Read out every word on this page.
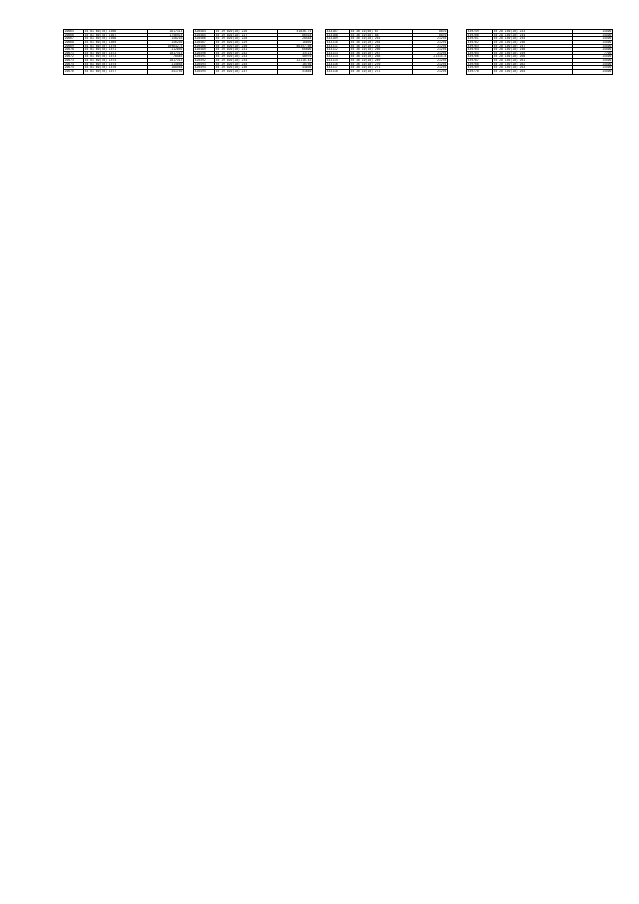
20665	55 01 60(70) 1566	1817313
20666	55 01 60(70) 1567	1756923
20667	55 01 60(70) 1568	158216
20668	55 01 60(70) 1569	156250
20669	55 01 60(70) 1570	169842.5
20670	55 01 60(70) 1571	112050
20671	55 01 60(70) 1572	1817313
20672	55 01 60(70) 1573	70485
20673	55 01 60(70) 1574	1817313
20674	55 01 60(70) 1575	114058
20675	55 01 60(70) 1576	188564
20676	55 01 60(70) 1577	341750
426484	55 19 020(10) 226	51036.75
426485	55 19 020(10) 227	86418
426486	55 19 020(10) 228	28448
426487	55 19 020(10) 229	16050
426488	55 19 020(10) 230	80357.66
426489	55 19 020(10) 231	66800
426490	55 19 020(10) 232	13723
426491	55 19 020(10) 233	40970
426492	55 19 020(10) 234	32116.43
426493	55 19 020(10) 235	16750
426494	55 19 020(10) 236	44036
426495	55 19 020(10) 237	51640
433107	55 36 10(40) 87	8870
433108	55 36 10(40) 88	8870
433109	55 36 10(10) 263	21294
433110	55 36 10(10) 264	21294
433111	55 36 10(10) 265	21294
433112	55 36 10(10) 266	21294
433113	55 36 10(10) 267	21294
433114	55 36 10(10) 268	21315.8
433115	55 36 10(10) 269	21294
433116	55 36 10(10) 270	21294
433117	55 36 10(10) 271	21294
433118	55 36 10(10) 272	21294
439759	55 28 150(10) 253	15400
439760	55 28 150(10) 254	15400
439761	55 28 150(10) 255	15400
439762	55 28 150(10) 256	15400
439763	55 28 150(10) 257	15400
439764	55 28 150(10) 258	15400
439765	55 28 150(10) 259	7700
439766	55 28 150(10) 260	15400
439767	55 28 150(10) 261	15400
439768	55 28 150(10) 262	15400
439769	55 28 150(10) 263	15400
439770	55 28 150(10) 264	15400
